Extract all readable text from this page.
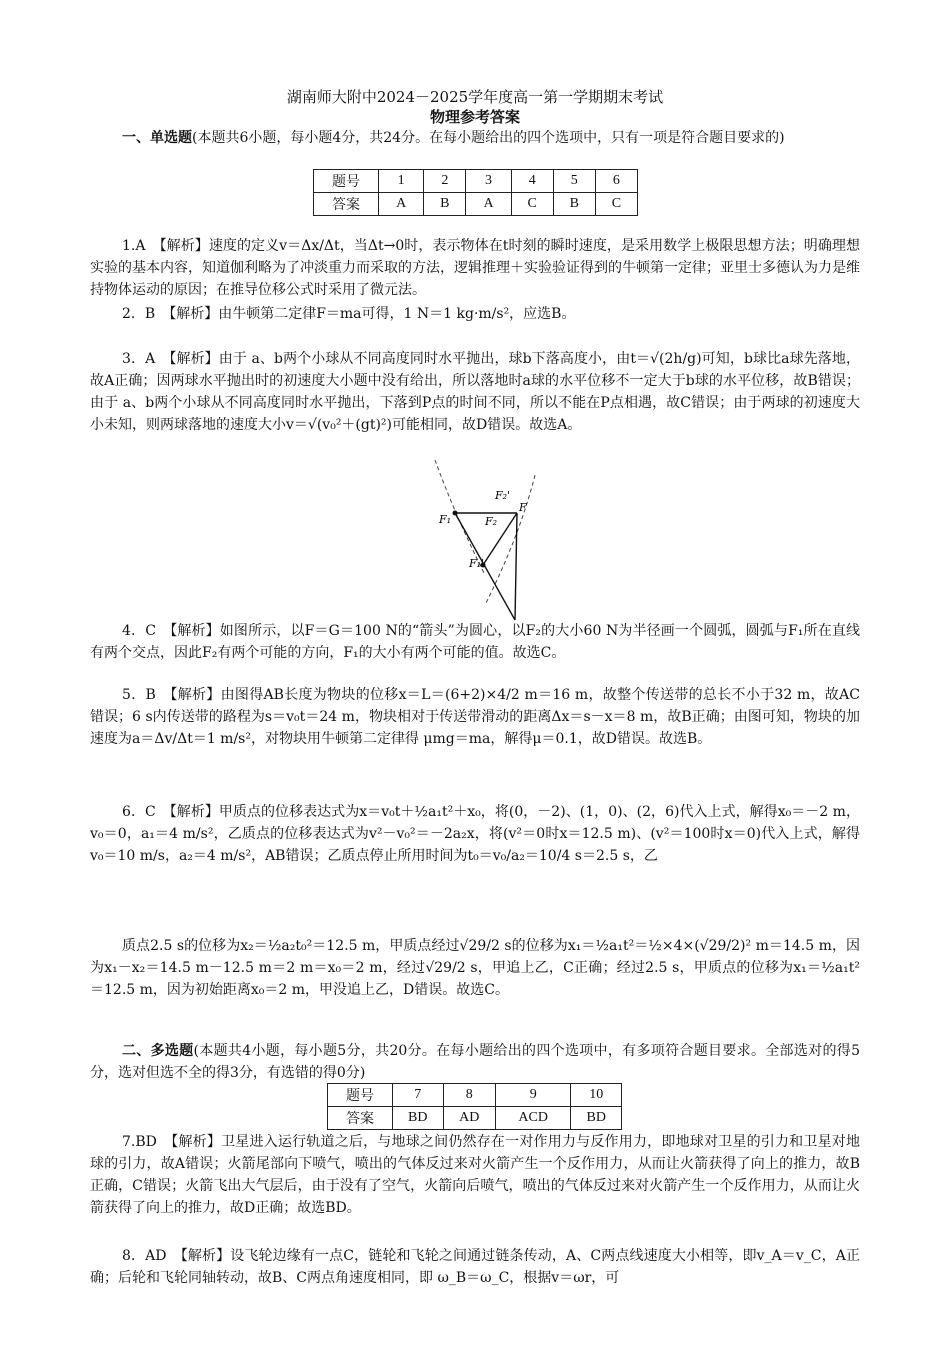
湖南师大附中2024－2025学年度高一第一学期期末考试
物理参考答案
一、单选题(本题共6小题，每小题4分，共24分。在每小题给出的四个选项中，只有一项是符合题目要求的)
题号	1	2	3	4	5	6
答案	A	B	A	C	B	C
1.A　【解析】速度的定义v＝Δx/Δt，当Δt→0时，表示物体在t时刻的瞬时速度，是采用数学上极限思想方法；明确理想实验的基本内容，知道伽利略为了冲淡重力而采取的方法，逻辑推理＋实验验证得到的牛顿第一定律；亚里士多德认为力是维持物体运动的原因；在推导位移公式时采用了微元法。
2．B　【解析】由牛顿第二定律F＝ma可得，1 N＝1 kg·m/s²，应选B。
3．A　【解析】由于 a、b两个小球从不同高度同时水平抛出，球b下落高度小，由t＝√(2h/g)可知，b球比a球先落地，故A正确；因两球水平抛出时的初速度大小题中没有给出，所以落地时a球的水平位移不一定大于b球的水平位移，故B错误；由于 a、b两个小球从不同高度同时水平抛出，下落到P点的时间不同，所以不能在P点相遇，故C错误；由于两球的初速度大小未知，则两球落地的速度大小v＝√(v₀²＋(gt)²)可能相同，故D错误。故选A。
F₁
F₂'
F
F₂
F₁'
4．C　【解析】如图所示，以F＝G＝100 N的“箭头”为圆心，以F₂的大小60 N为半径画一个圆弧，圆弧与F₁所在直线有两个交点，因此F₂有两个可能的方向，F₁的大小有两个可能的值。故选C。
5．B　【解析】由图得AB长度为物块的位移x＝L＝(6+2)×4/2 m＝16 m，故整个传送带的总长不小于32 m，故AC错误；6 s内传送带的路程为s＝v₀t＝24 m，物块相对于传送带滑动的距离Δx＝s－x＝8 m，故B正确；由图可知，物块的加速度为a＝Δv/Δt＝1 m/s²，对物块用牛顿第二定律得 μmg＝ma，解得μ＝0.1，故D错误。故选B。
6．C　【解析】甲质点的位移表达式为x＝v₀t＋½a₁t²＋x₀，将(0，－2)、(1，0)、(2，6)代入上式，解得x₀＝－2 m，v₀＝0，a₁＝4 m/s²，乙质点的位移表达式为v²－v₀²＝－2a₂x，将(v²＝0时x＝12.5 m)、(v²＝100时x＝0)代入上式，解得v₀＝10 m/s，a₂＝4 m/s²，AB错误；乙质点停止所用时间为t₀＝v₀/a₂＝10/4 s＝2.5 s，乙
质点2.5 s的位移为x₂＝½a₂t₀²＝12.5 m，甲质点经过√29/2 s的位移为x₁＝½a₁t²＝½×4×(√29/2)² m＝14.5 m，因为x₁－x₂＝14.5 m－12.5 m＝2 m＝x₀＝2 m，经过√29/2 s，甲追上乙，C正确；经过2.5 s，甲质点的位移为x₁＝½a₁t²＝12.5 m，因为初始距离x₀＝2 m，甲没追上乙，D错误。故选C。
二、多选题(本题共4小题，每小题5分，共20分。在每小题给出的四个选项中，有多项符合题目要求。全部选对的得5分，选对但选不全的得3分，有选错的得0分)
题号	7	8	9	10
答案	BD	AD	ACD	BD
7.BD　【解析】卫星进入运行轨道之后，与地球之间仍然存在一对作用力与反作用力，即地球对卫星的引力和卫星对地球的引力，故A错误；火箭尾部向下喷气，喷出的气体反过来对火箭产生一个反作用力，从而让火箭获得了向上的推力，故B正确，C错误；火箭飞出大气层后，由于没有了空气，火箭向后喷气，喷出的气体反过来对火箭产生一个反作用力，从而让火箭获得了向上的推力，故D正确；故选BD。
8．AD　【解析】设飞轮边缘有一点C，链轮和飞轮之间通过链条传动，A、C两点线速度大小相等，即v_A＝v_C，A正确；后轮和飞轮同轴转动，故B、C两点角速度相同，即 ω_B＝ω_C，根据v＝ωr，可
